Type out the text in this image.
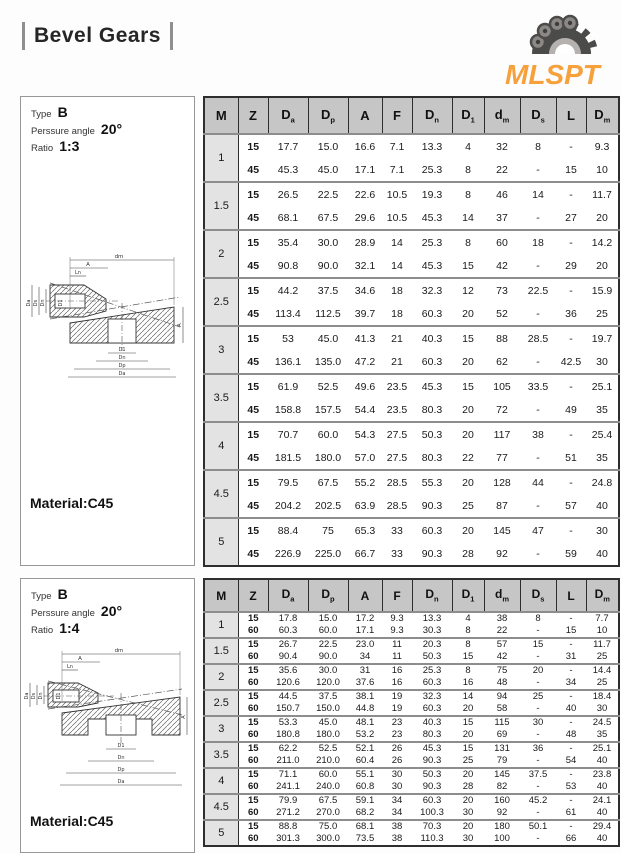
Bevel Gears
MLSPT
Type B
Perssure angle 20°
Ratio 1:3
dm
A
Ln
Da Ds Dn D1
D1
Dn
Dp
Da
A
Material:C45
M	Z	$D_a$	$D_p$	A	F	$D_n$	$D_1$	$d_m$	$D_s$	L	$D_m$
1	15	17.7	15.0	16.6	7.1	13.3	4	32	8	-	9.3
	45	45.3	45.0	17.1	7.1	25.3	8	22	-	15	10
1.5	15	26.5	22.5	22.6	10.5	19.3	8	46	14	-	11.7
	45	68.1	67.5	29.6	10.5	45.3	14	37	-	27	20
2	15	35.4	30.0	28.9	14	25.3	8	60	18	-	14.2
	45	90.8	90.0	32.1	14	45.3	15	42	-	29	20
2.5	15	44.2	37.5	34.6	18	32.3	12	73	22.5	-	15.9
	45	113.4	112.5	39.7	18	60.3	20	52	-	36	25
3	15	53	45.0	41.3	21	40.3	15	88	28.5	-	19.7
	45	136.1	135.0	47.2	21	60.3	20	62	-	42.5	30
3.5	15	61.9	52.5	49.6	23.5	45.3	15	105	33.5	-	25.1
	45	158.8	157.5	54.4	23.5	80.3	20	72	-	49	35
4	15	70.7	60.0	54.3	27.5	50.3	20	117	38	-	25.4
	45	181.5	180.0	57.0	27.5	80.3	22	77	-	51	35
4.5	15	79.5	67.5	55.2	28.5	55.3	20	128	44	-	24.8
	45	204.2	202.5	63.9	28.5	90.3	25	87	-	57	40
5	15	88.4	75	65.3	33	60.3	20	145	47	-	30
	45	226.9	225.0	66.7	33	90.3	28	92	-	59	40
Type B
Perssure angle 20°
Ratio 1:4
dm
A
Ln
Da Ds Dn D1
D1
Dn
Dp
Da
A
Material:C45
M	Z	$D_a$	$D_p$	A	F	$D_n$	$D_1$	$d_m$	$D_s$	L	$D_m$
1	15	17.8	15.0	17.2	9.3	13.3	4	38	8	-	7.7
	60	60.3	60.0	17.1	9.3	30.3	8	22	-	15	10
1.5	15	26.7	22.5	23.0	11	20.3	8	57	15	-	11.7
	60	90.4	90.0	34	11	50.3	15	42	-	31	25
2	15	35.6	30.0	31	16	25.3	8	75	20	-	14.4
	60	120.6	120.0	37.6	16	60.3	16	48	-	34	25
2.5	15	44.5	37.5	38.1	19	32.3	14	94	25	-	18.4
	60	150.7	150.0	44.8	19	60.3	20	58	-	40	30
3	15	53.3	45.0	48.1	23	40.3	15	115	30	-	24.5
	60	180.8	180.0	53.2	23	80.3	20	69	-	48	35
3.5	15	62.2	52.5	52.1	26	45.3	15	131	36	-	25.1
	60	211.0	210.0	60.4	26	90.3	25	79	-	54	40
4	15	71.1	60.0	55.1	30	50.3	20	145	37.5	-	23.8
	60	241.1	240.0	60.8	30	90.3	28	82	-	53	40
4.5	15	79.9	67.5	59.1	34	60.3	20	160	45.2	-	24.1
	60	271.2	270.0	68.2	34	100.3	30	92	-	61	40
5	15	88.8	75.0	68.1	38	70.3	20	180	50.1	-	29.4
	60	301.3	300.0	73.5	38	110.3	30	100	-	66	40
